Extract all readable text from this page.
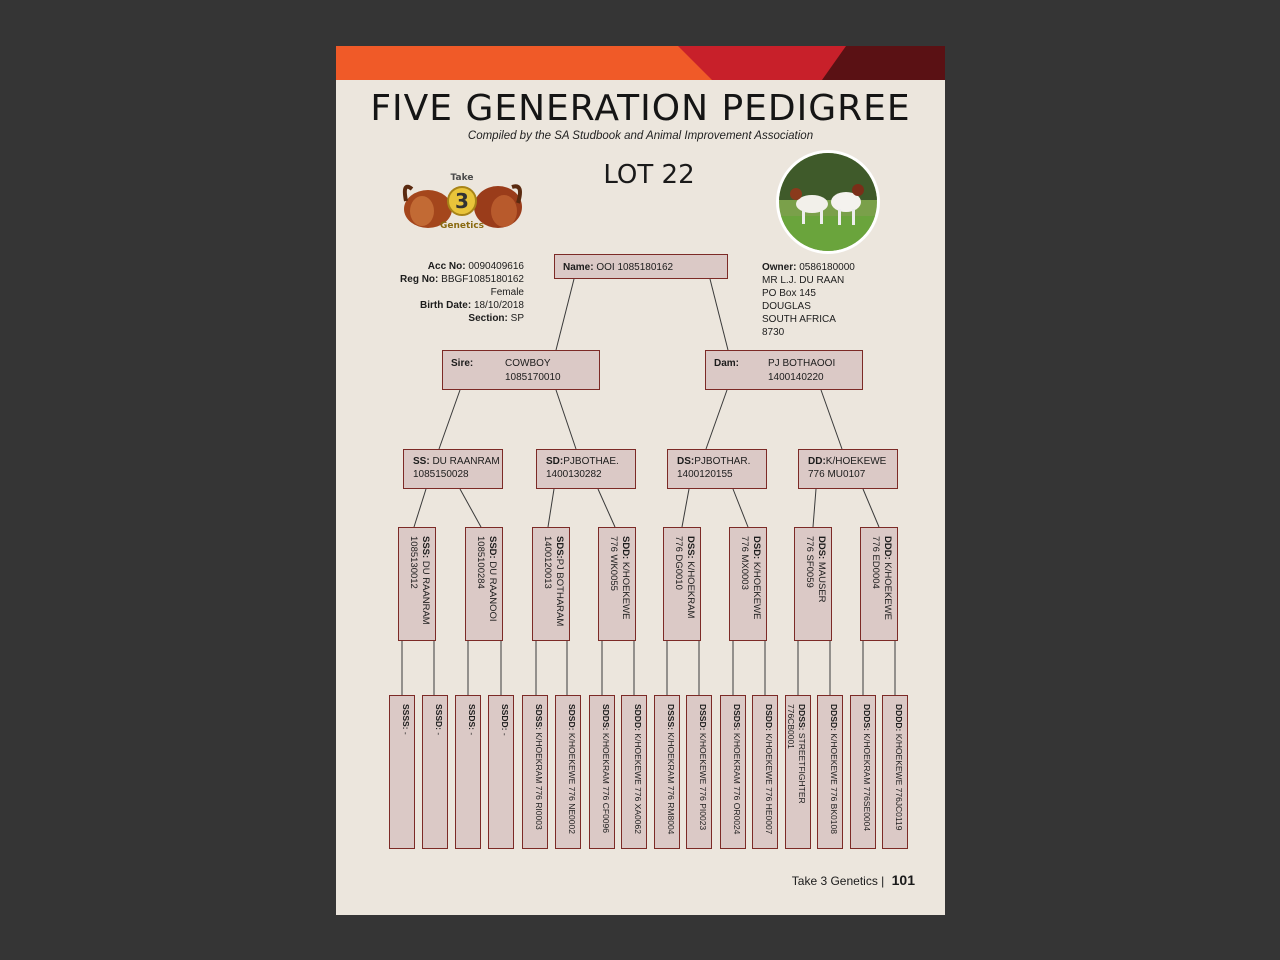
FIVE GENERATION PEDIGREE
Compiled by the SA Studbook and Animal Improvement Association
LOT 22
Take
3
Genetics
Acc No: 0090409616
Reg No: BBGF1085180162
Female
Birth Date: 18/10/2018
Section: SP
Owner: 0586180000
MR L.J. DU RAAN
PO Box 145
DOUGLAS
SOUTH AFRICA
8730
Name: OOI 1085180162
Sire:	COWBOY
1085170010
Dam:	PJ BOTHAOOI
1400140220
SS: DU RAANRAM
1085150028
SD:PJBOTHAE.
1400130282
DS:PJBOTHAR.
1400120155
DD:K/HOEKEWE
776 MU0107
SSS: DU RAANRAM
1085130012	SSD: DU RAANOOI
1085100284	SDS:PJ BOTHARAM
1400120013	SDD: K/HOEKEWE
776 WK0055	DSS: K/HOEKRAM
776 DG0010	DSD: K/HOEKEWE
776 MX0003	DDS: MAUSER
776 SF0059	DDD: K/HOEKEWE
776 ED0004
SSSS: -
SSSD: -
SSDS: -
SSDD: -
SDSS: K/HOEKRAM 776 RI0003
SDSD: K/HOEKEWE 776 NE0002
SDDS: K/HOEKRAM 776 CF0096
SDDD: K/HOEKEWE 776 XA0062
DSSS: K/HOEKRAM 776 RM8004
DSSD: K/HOEKEWE 776 PI0023
DSDS: K/HOEKRAM 776 OR0024
DSDD: K/HOEKEWE 776 HE0007
DDSS: STREETFIGHTER 776CB0001	DDSD: K/HOEKEWE 776 BK0108
DDDS: K/HOEKRAM 776SE0004
DDDD: K/HOEKEWE 776JC0119
Take 3 Genetics | 101
